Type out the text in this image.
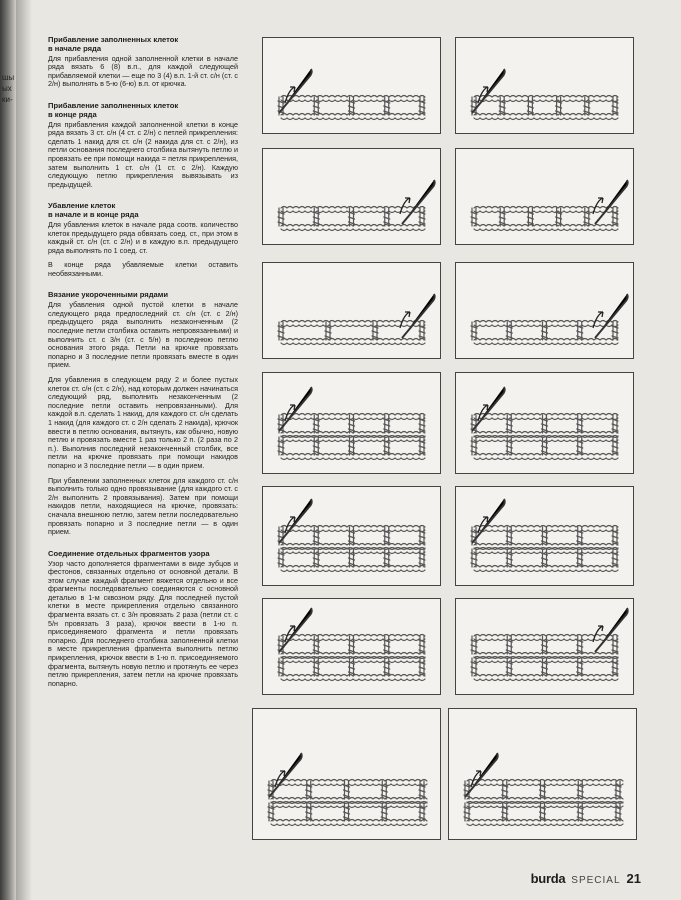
шы
ых
ки-
Прибавление заполненных клеток
в начале ряда

Для прибавления одной заполненной клетки в начале ряда вязать 6 (8) в.п., для каждой следующей прибавляемой клетки — еще по 3 (4) в.п. 1-й ст. с/н (ст. с 2/н) выполнять в 5-ю (6-ю) в.п. от крючка.

Прибавление заполненных клеток
в конце ряда

Для прибавления каждой заполненной клетки в конце ряда вязать 3 ст. с/н (4 ст. с 2/н) с петлей прикрепления: сделать 1 накид для ст. с/н (2 накида для ст. с 2/н), из петли основания последнего столбика вытянуть петлю и провязать ее при помощи накида = петля прикрепления, затем выполнить 1 ст. с/н (1 ст. с 2/н). Каждую следующую петлю прикрепления вывязывать из предыдущей.

Убавление клеток
в начале и в конце ряда

Для убавления клеток в начале ряда соотв. количество клеток предыдущего ряда обвязать соед. ст., при этом в каждый ст. с/н (ст. с 2/н) и в каждую в.п. предыдущего ряда выполнять по 1 соед. ст.

В конце ряда убавляемые клетки оставить необвязанными.

Вязание укороченными рядами

Для убавления одной пустой клетки в начале следующего ряда предпоследний ст. с/н (ст. с 2/н) предыдущего ряда выполнить незаконченным (2 последние петли столбика оставить непровязанными) и выполнить ст. с 3/н (ст. с 5/н) в последнюю петлю основания этого ряда. Петли на крючке провязать попарно и 3 последние петли провязать вместе в один прием.

Для убавления в следующем ряду 2 и более пустых клеток ст. с/н (ст. с 2/н), над которым должен начинаться следующий ряд, выполнить незаконченным (2 последние петли оставить непровязанными). Для каждой в.п. сделать 1 накид, для каждого ст. с/н сделать 1 накид (для каждого ст. с 2/н сделать 2 накида), крючок ввести в петлю основания, вытянуть, как обычно, новую петлю и провязать вместе 1 раз только 2 п. (2 раза по 2 п.). Выполнив последний незаконченный столбик, все петли на крючке провязать при помощи накидов попарно и 3 последние петли — в один прием.

При убавлении заполненных клеток для каждого ст. с/н выполнить только одно провязывание (для каждого ст. с 2/н выполнить 2 провязывания). Затем при помощи накидов петли, находящиеся на крючке, провязать: сначала внешнюю петлю, затем петли последовательно провязать попарно и 3 последние петли — в один прием.

Соединение отдельных фрагментов узора

Узор часто дополняется фрагментами в виде зубцов и фестонов, связанных отдельно от основной детали. В этом случае каждый фрагмент вяжется отдельно и все фрагменты последовательно соединяются с основной деталью в 1-м сквозном ряду. Для последней пустой клетки в месте прикрепления отдельно связанного фрагмента вязать ст. с 3/н провязать 2 раза (петли ст. с 5/н провязать 3 раза), крючок ввести в 1-ю п. присоединяемого фрагмента и петли провязать попарно. Для последнего столбика заполненной клетки в месте прикрепления фрагмента выполнить петлю прикрепления, крючок ввести в 1-ю п. присоединяемого фрагмента, вытянуть новую петлю и протянуть ее через петлю прикрепления, затем петли на крючке провязать попарно.

burda SPECIAL 21
